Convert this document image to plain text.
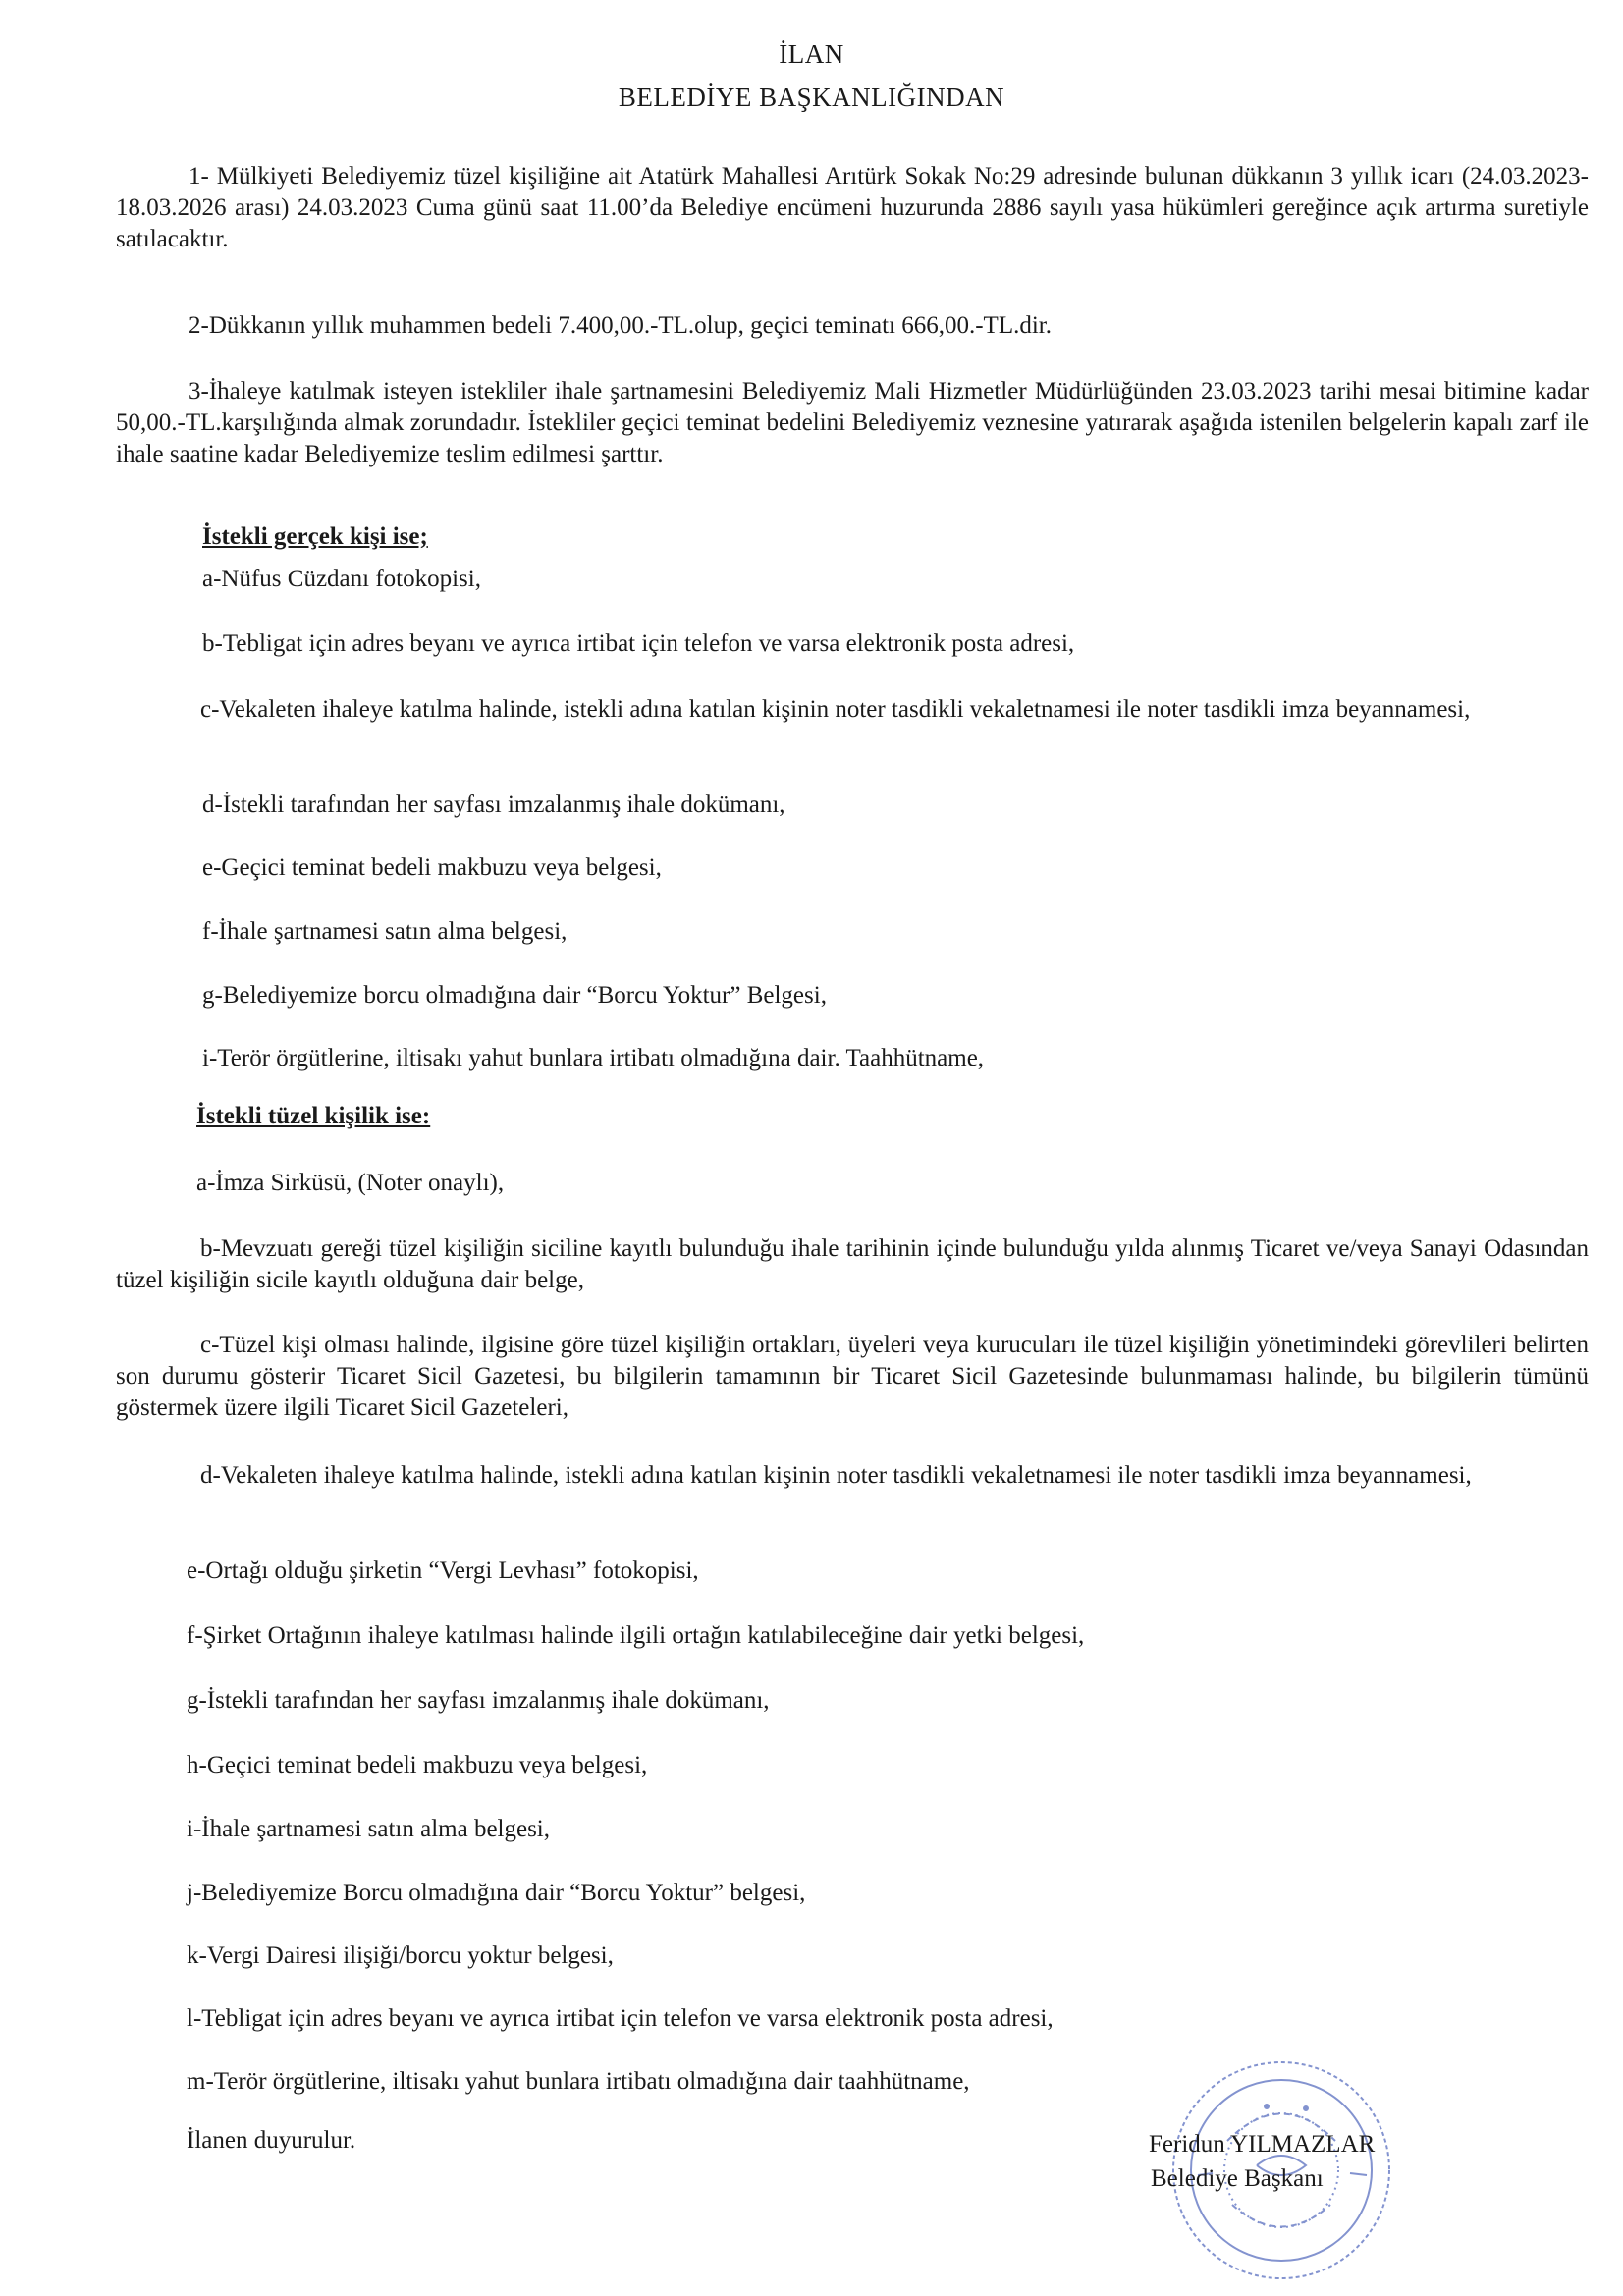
İLAN
BELEDİYE BAŞKANLIĞINDAN
1- Mülkiyeti Belediyemiz tüzel kişiliğine ait Atatürk Mahallesi Arıtürk Sokak No:29 adresinde bulunan dükkanın 3 yıllık icarı (24.03.2023-18.03.2026 arası) 24.03.2023 Cuma günü saat 11.00’da Belediye encümeni huzurunda 2886 sayılı yasa hükümleri gereğince açık artırma suretiyle satılacaktır.
2-Dükkanın yıllık muhammen bedeli 7.400,00.-TL.olup, geçici teminatı 666,00.-TL.dir.
3-İhaleye katılmak isteyen istekliler ihale şartnamesini Belediyemiz Mali Hizmetler Müdürlüğünden 23.03.2023 tarihi mesai bitimine kadar 50,00.-TL.karşılığında almak zorundadır. İstekliler geçici teminat bedelini Belediyemiz veznesine yatırarak aşağıda istenilen belgelerin kapalı zarf ile ihale saatine kadar Belediyemize teslim edilmesi şarttır.
İstekli gerçek kişi ise;
a-Nüfus Cüzdanı fotokopisi,
b-Tebligat için adres beyanı ve ayrıca irtibat için telefon ve varsa elektronik posta adresi,
c-Vekaleten ihaleye katılma halinde, istekli adına katılan kişinin noter tasdikli vekaletnamesi ile noter tasdikli imza beyannamesi,
d-İstekli tarafından her sayfası imzalanmış ihale dokümanı,
e-Geçici teminat bedeli makbuzu veya belgesi,
f-İhale şartnamesi satın alma belgesi,
g-Belediyemize borcu olmadığına dair “Borcu Yoktur” Belgesi,
i-Terör örgütlerine, iltisakı yahut bunlara irtibatı olmadığına dair. Taahhütname,
İstekli tüzel kişilik ise:
a-İmza Sirküsü, (Noter onaylı),
b-Mevzuatı gereği tüzel kişiliğin siciline kayıtlı bulunduğu ihale tarihinin içinde bulunduğu yılda alınmış Ticaret ve/veya Sanayi Odasından tüzel kişiliğin sicile kayıtlı olduğuna dair belge,
c-Tüzel kişi olması halinde, ilgisine göre tüzel kişiliğin ortakları, üyeleri veya kurucuları ile tüzel kişiliğin yönetimindeki görevlileri belirten son durumu gösterir Ticaret Sicil Gazetesi, bu bilgilerin tamamının bir Ticaret Sicil Gazetesinde bulunmaması halinde, bu bilgilerin tümünü göstermek üzere ilgili Ticaret Sicil Gazeteleri,
d-Vekaleten ihaleye katılma halinde, istekli adına katılan kişinin noter tasdikli vekaletnamesi ile noter tasdikli imza beyannamesi,
e-Ortağı olduğu şirketin “Vergi Levhası” fotokopisi,
f-Şirket Ortağının ihaleye katılması halinde ilgili ortağın katılabileceğine dair yetki belgesi,
g-İstekli tarafından her sayfası imzalanmış ihale dokümanı,
h-Geçici teminat bedeli makbuzu veya belgesi,
i-İhale şartnamesi satın alma belgesi,
j-Belediyemize Borcu olmadığına dair “Borcu Yoktur” belgesi,
k-Vergi Dairesi ilişiği/borcu yoktur belgesi,
l-Tebligat için adres beyanı ve ayrıca irtibat için telefon ve varsa elektronik posta adresi,
m-Terör örgütlerine, iltisakı yahut bunlara irtibatı olmadığına dair taahhütname,
İlanen duyurulur.	Feridun YILMAZLAR
Belediye Başkanı
